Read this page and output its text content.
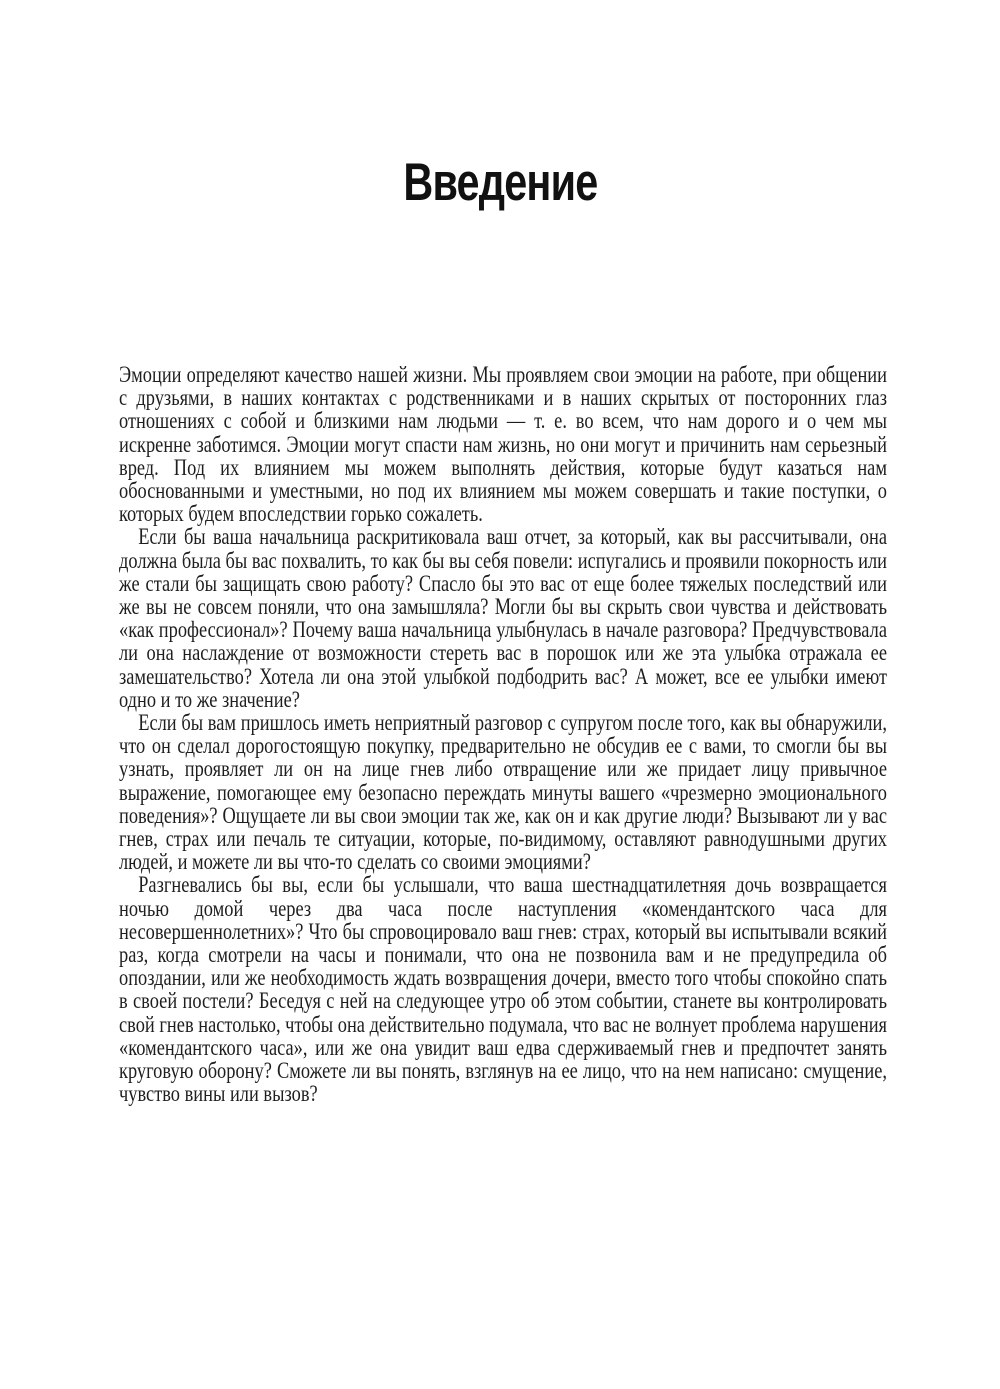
Введение

Эмоции определяют качество нашей жизни. Мы проявляем свои эмоции на работе, при общении с друзьями, в наших контактах с родственниками и в наших скрытых от посторонних глаз отношениях с собой и близкими нам людьми — т. е. во всем, что нам дорого и о чем мы искренне заботимся. Эмоции могут спасти нам жизнь, но они могут и причинить нам серьезный вред. Под их влиянием мы можем выполнять действия, которые будут казаться нам обоснованными и уместными, но под их влиянием мы можем совершать и такие поступки, о которых будем впоследствии горько сожалеть.

Если бы ваша начальница раскритиковала ваш отчет, за который, как вы рассчитывали, она должна была бы вас похвалить, то как бы вы себя повели: испугались и проявили покорность или же стали бы защищать свою работу? Спасло бы это вас от еще более тяжелых последствий или же вы не совсем поняли, что она замышляла? Могли бы вы скрыть свои чувства и действовать «как профессионал»? Почему ваша начальница улыбнулась в начале разговора? Предчувствовала ли она наслаждение от возможности стереть вас в порошок или же эта улыбка отражала ее замешательство? Хотела ли она этой улыбкой подбодрить вас? А может, все ее улыбки имеют одно и то же значение?

Если бы вам пришлось иметь неприятный разговор с супругом после того, как вы обнаружили, что он сделал дорогостоящую покупку, предварительно не обсудив ее с вами, то смогли бы вы узнать, проявляет ли он на лице гнев либо отвращение или же придает лицу привычное выражение, помогающее ему безопасно переждать минуты вашего «чрезмерно эмоционального поведения»? Ощущаете ли вы свои эмоции так же, как он и как другие люди? Вызывают ли у вас гнев, страх или печаль те ситуации, которые, по-видимому, оставляют равнодушными других людей, и можете ли вы что-то сделать со своими эмоциями?

Разгневались бы вы, если бы услышали, что ваша шестнадцатилетняя дочь возвращается ночью домой через два часа после наступления «комендантского часа для несовершеннолетних»? Что бы спровоцировало ваш гнев: страх, который вы испытывали всякий раз, когда смотрели на часы и понимали, что она не позвонила вам и не предупредила об опоздании, или же необходимость ждать возвращения дочери, вместо того чтобы спокойно спать в своей постели? Беседуя с ней на следующее утро об этом событии, станете вы контролировать свой гнев настолько, чтобы она действительно подумала, что вас не волнует проблема нарушения «комендантского часа», или же она увидит ваш едва сдерживаемый гнев и предпочтет занять круговую оборону? Сможете ли вы понять, взглянув на ее лицо, что на нем написано: смущение, чувство вины или вызов?
